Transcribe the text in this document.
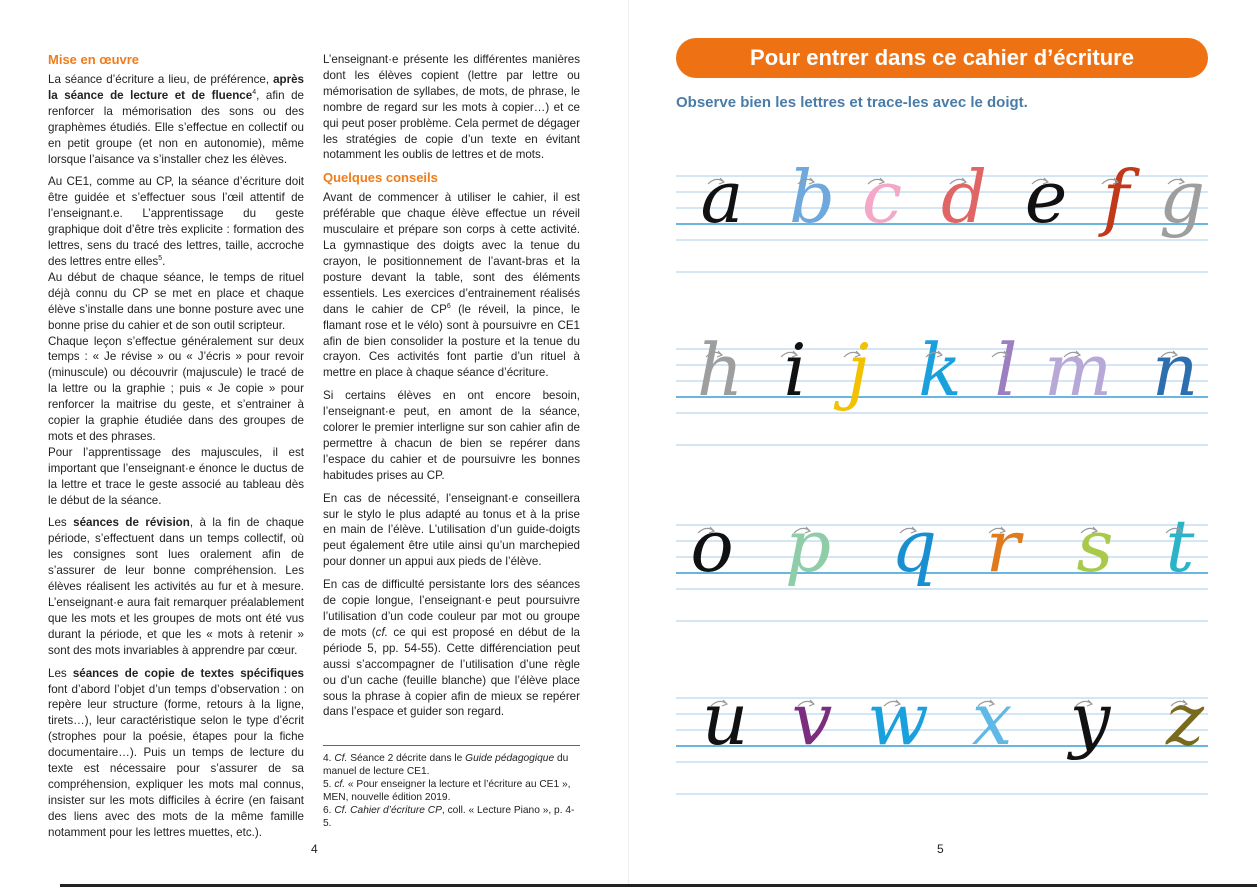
Mise en œuvre

La séance d’écriture a lieu, de préférence, après la séance de lecture et de fluence$^4$, afin de renforcer la mémorisation des sons ou des graphèmes étudiés. Elle s’effectue en collectif ou en petit groupe (et non en autonomie), même lorsque l’aisance va s’installer chez les élèves.

Au CE1, comme au CP, la séance d’écriture doit être guidée et s’effectuer sous l’œil attentif de l’enseignant.e. L’apprentissage du geste graphique doit d’être très explicite : formation des lettres, sens du tracé des lettres, taille, accroche des lettres entre elles$^5$.

Au début de chaque séance, le temps de rituel déjà connu du CP se met en place et chaque élève s’installe dans une bonne posture avec une bonne prise du cahier et de son outil scripteur.

Chaque leçon s’effectue généralement sur deux temps : « Je révise » ou « J’écris » pour revoir (minuscule) ou découvrir (majuscule) le tracé de la lettre ou la graphie ; puis « Je copie » pour renforcer la maitrise du geste, et s’entrainer à copier la graphie étudiée dans des groupes de mots et des phrases.

Pour l’apprentissage des majuscules, il est important que l’enseignant·e énonce le ductus de la lettre et trace le geste associé au tableau dès le début de la séance.

Les séances de révision, à la fin de chaque période, s’effectuent dans un temps collectif, où les consignes sont lues oralement afin de s’assurer de leur bonne compréhension. Les élèves réalisent les activités au fur et à mesure. L’enseignant·e aura fait remarquer préalablement que les mots et les groupes de mots ont été vus durant la période, et que les « mots à retenir » sont des mots invariables à apprendre par cœur.

Les séances de copie de textes spécifiques font d’abord l’objet d’un temps d’observation : on repère leur structure (forme, retours à la ligne, tirets…), leur caractéristique selon le type d’écrit (strophes pour la poésie, étapes pour la fiche documentaire…). Puis un temps de lecture du texte est nécessaire pour s’assurer de sa compréhension, expliquer les mots mal connus, insister sur les mots difficiles à écrire (en faisant des liens avec des mots de la même famille notamment pour les lettres muettes, etc.).

L’enseignant·e présente les différentes manières dont les élèves copient (lettre par lettre ou mémorisation de syllabes, de mots, de phrase, le nombre de regard sur les mots à copier…) et ce qui peut poser problème. Cela permet de dégager les stratégies de copie d’un texte en évitant notamment les oublis de lettres et de mots.

Quelques conseils

Avant de commencer à utiliser le cahier, il est préférable que chaque élève effectue un réveil musculaire et prépare son corps à cette activité. La gymnastique des doigts avec la tenue du crayon, le positionnement de l’avant-bras et la posture devant la table, sont des éléments essentiels. Les exercices d’entrainement réalisés dans le cahier de $CP^6$ (le réveil, la pince, le flamant rose et le vélo) sont à poursuivre en CE1 afin de bien consolider la posture et la tenue du crayon. Ces activités font partie d’un rituel à mettre en place à chaque séance d’écriture.

Si certains élèves en ont encore besoin, l’enseignant·e peut, en amont de la séance, colorer le premier interligne sur son cahier afin de permettre à chacun de bien se repérer dans l’espace du cahier et de poursuivre les bonnes habitudes prises au CP.

En cas de nécessité, l’enseignant·e conseillera sur le stylo le plus adapté au tonus et à la prise en main de l’élève. L’utilisation d’un guide-doigts peut également être utile ainsi qu’un marchepied pour donner un appui aux pieds de l’élève.

En cas de difficulté persistante lors des séances de copie longue, l’enseignant·e peut poursuivre l’utilisation d’un code couleur par mot ou groupe de mots (cf. ce qui est proposé en début de la période 5, pp. 54-55). Cette différenciation peut aussi s’accompagner de l’utilisation d’une règle ou d’un cache (feuille blanche) que l’élève place sous la phrase à copier afin de mieux se repérer dans l’espace et guider son regard.

4. Cf. Séance 2 décrite dans le Guide pédagogique du manuel de lecture CE1.
5. cf. « Pour enseigner la lecture et l’écriture au CE1 », MEN, nouvelle édition 2019.
6. Cf. Cahier d’écriture CP, coll. « Lecture Piano », p. 4-5.
4
Pour entrer dans ce cahier d’écriture
Observe bien les lettres et trace-les avec le doigt.
a b c d e f g
h i j k l m n
o p q r s t
u v w x y z
5
